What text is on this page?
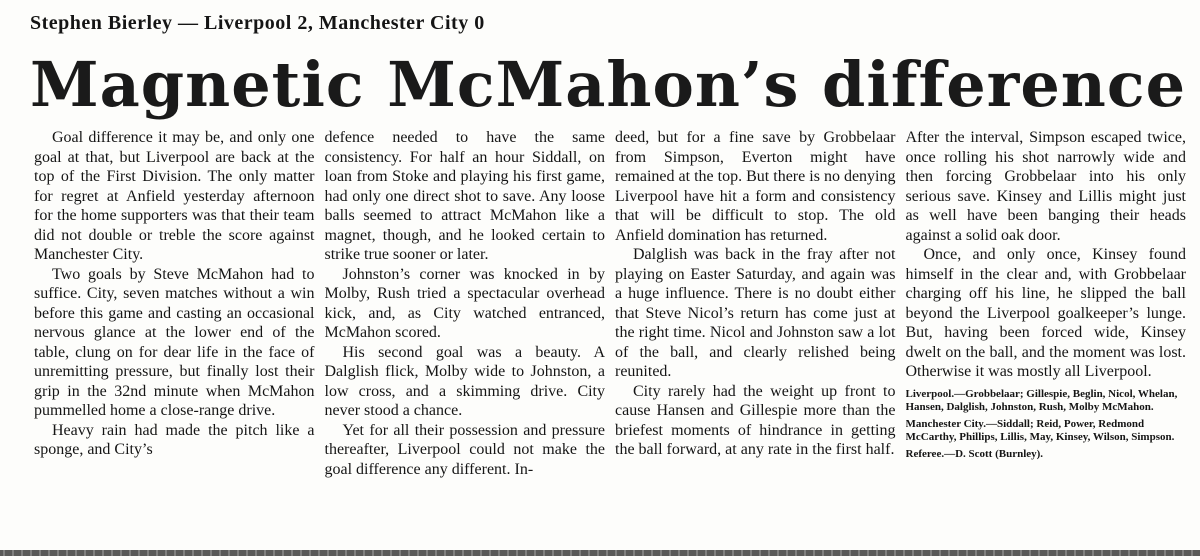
Stephen Bierley — Liverpool 2, Manchester City 0
Magnetic McMahon’s difference

Goal difference it may be, and only one goal at that, but Liverpool are back at the top of the First Division. The only matter for regret at Anfield yesterday afternoon for the home supporters was that their team did not double or treble the score against Manchester City.

Two goals by Steve McMahon had to suffice. City, seven matches without a win before this game and casting an occasional nervous glance at the lower end of the table, clung on for dear life in the face of unremitting pressure, but finally lost their grip in the 32nd minute when McMahon pummelled home a close-range drive.

Heavy rain had made the pitch like a sponge, and City’s

defence needed to have the same consistency. For half an hour Siddall, on loan from Stoke and playing his first game, had only one direct shot to save. Any loose balls seemed to attract McMahon like a magnet, though, and he looked certain to strike true sooner or later.

Johnston’s corner was knocked in by Molby, Rush tried a spectacular overhead kick, and, as City watched entranced, McMahon scored.

His second goal was a beauty. A Dalglish flick, Molby wide to Johnston, a low cross, and a skimming drive. City never stood a chance.

Yet for all their possession and pressure thereafter, Liverpool could not make the goal difference any different. In-

deed, but for a fine save by Grobbelaar from Simpson, Everton might have remained at the top. But there is no denying Liverpool have hit a form and consistency that will be difficult to stop. The old Anfield domination has returned.

Dalglish was back in the fray after not playing on Easter Saturday, and again was a huge influence. There is no doubt either that Steve Nicol’s return has come just at the right time. Nicol and Johnston saw a lot of the ball, and clearly relished being reunited.

City rarely had the weight up front to cause Hansen and Gillespie more than the briefest moments of hindrance in getting the ball forward, at any rate in the first half.

After the interval, Simpson escaped twice, once rolling his shot narrowly wide and then forcing Grobbelaar into his only serious save. Kinsey and Lillis might just as well have been banging their heads against a solid oak door.

Once, and only once, Kinsey found himself in the clear and, with Grobbelaar charging off his line, he slipped the ball beyond the Liverpool goalkeeper’s lunge. But, having been forced wide, Kinsey dwelt on the ball, and the moment was lost. Otherwise it was mostly all Liverpool.

Liverpool.—Grobbelaar; Gillespie, Beglin, Nicol, Whelan, Hansen, Dalglish, Johnston, Rush, Molby McMahon.
Manchester City.—Siddall; Reid, Power, Redmond McCarthy, Phillips, Lillis, May, Kinsey, Wilson, Simpson.
Referee.—D. Scott (Burnley).
